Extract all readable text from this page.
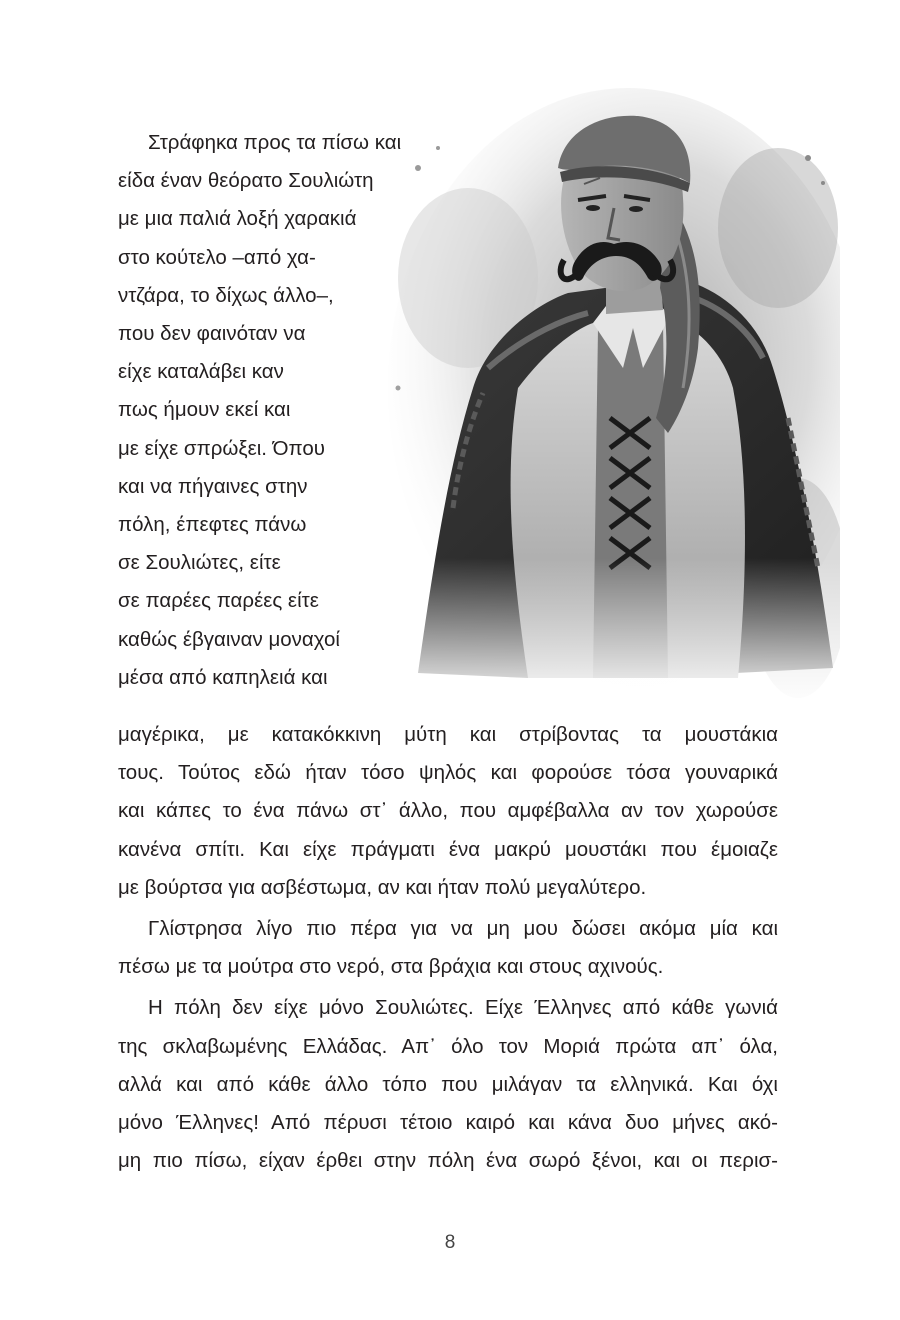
Στράφηκα προς τα πίσω και
είδα έναν θεόρατο Σουλιώτη
με μια παλιά λοξή χαρακιά
στο κούτελο –από χα-
ντζάρα, το δίχως άλλο–,
που δεν φαινόταν να
είχε καταλάβει καν
πως ήμουν εκεί και
με είχε σπρώξει. Όπου
και να πήγαινες στην
πόλη, έπεφτες πάνω
σε Σουλιώτες, είτε
σε παρέες παρέες είτε
καθώς έβγαιναν μοναχοί
μέσα από καπηλειά και
μαγέρικα, με κατακόκκινη μύτη και στρίβοντας τα μουστάκια
τους. Τούτος εδώ ήταν τόσο ψηλός και φορούσε τόσα γουναρικά
και κάπες το ένα πάνω στ᾽ άλλο, που αμφέβαλλα αν τον χωρούσε
κανένα σπίτι. Και είχε πράγματι ένα μακρύ μουστάκι που έμοιαζε
με βούρτσα για ασβέστωμα, αν και ήταν πολύ μεγαλύτερο.
Γλίστρησα λίγο πιο πέρα για να μη μου δώσει ακόμα μία και
πέσω με τα μούτρα στο νερό, στα βράχια και στους αχινούς.
Η πόλη δεν είχε μόνο Σουλιώτες. Είχε Έλληνες από κάθε γωνιά
της σκλαβωμένης Ελλάδας. Απ᾽ όλο τον Μοριά πρώτα απ᾽ όλα,
αλλά και από κάθε άλλο τόπο που μιλάγαν τα ελληνικά. Και όχι
μόνο Έλληνες! Από πέρυσι τέτοιο καιρό και κάνα δυο μήνες ακό-
μη πιο πίσω, είχαν έρθει στην πόλη ένα σωρό ξένοι, και οι περισ-
8
